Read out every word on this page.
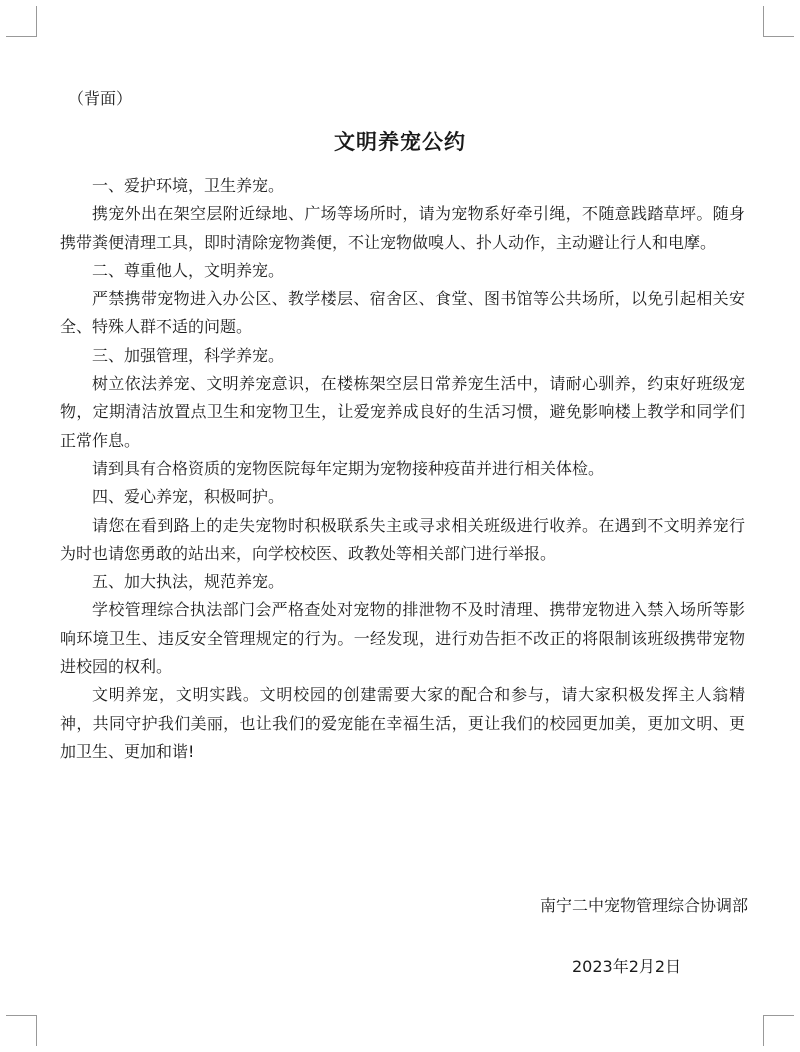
（背面）
文明养宠公约

一、爱护环境，卫生养宠。

携宠外出在架空层附近绿地、广场等场所时，请为宠物系好牵引绳，不随意践踏草坪。随身携带粪便清理工具，即时清除宠物粪便，不让宠物做嗅人、扑人动作，主动避让行人和电摩。

二、尊重他人，文明养宠。

严禁携带宠物进入办公区、教学楼层、宿舍区、食堂、图书馆等公共场所，以免引起相关安全、特殊人群不适的问题。

三、加强管理，科学养宠。

树立依法养宠、文明养宠意识，在楼栋架空层日常养宠生活中，请耐心驯养，约束好班级宠物，定期清洁放置点卫生和宠物卫生，让爱宠养成良好的生活习惯，避免影响楼上教学和同学们正常作息。

请到具有合格资质的宠物医院每年定期为宠物接种疫苗并进行相关体检。

四、爱心养宠，积极呵护。

请您在看到路上的走失宠物时积极联系失主或寻求相关班级进行收养。在遇到不文明养宠行为时也请您勇敢的站出来，向学校校医、政教处等相关部门进行举报。

五、加大执法，规范养宠。

学校管理综合执法部门会严格查处对宠物的排泄物不及时清理、携带宠物进入禁入场所等影响环境卫生、违反安全管理规定的行为。一经发现，进行劝告拒不改正的将限制该班级携带宠物进校园的权利。

文明养宠，文明实践。文明校园的创建需要大家的配合和参与，请大家积极发挥主人翁精神，共同守护我们美丽，也让我们的爱宠能在幸福生活，更让我们的校园更加美，更加文明、更加卫生、更加和谐!

南宁二中宠物管理综合协调部
2023年2月2日
